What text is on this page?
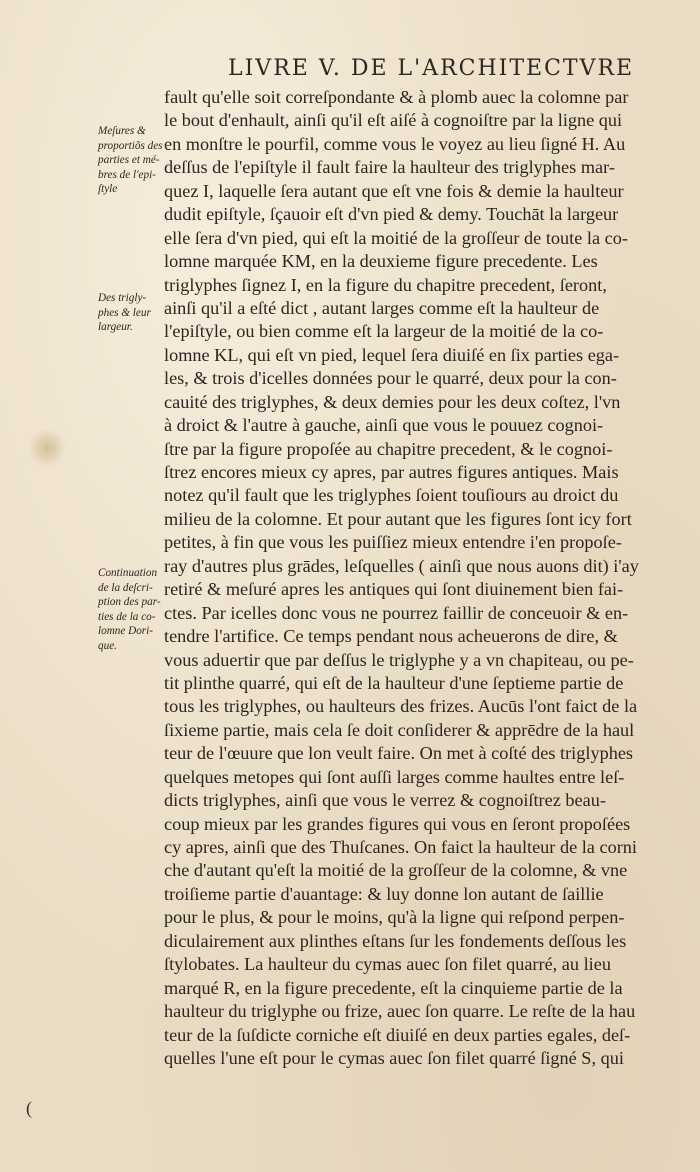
LIVRE V. DE L'ARCHITECTVRE
Meſures &
proportiõs des
parties et mé-
bres de l'epi-
ſtyle
Des trigly-
phes & leur
largeur.
Continuation
de la deſcri-
ption des par-
ties de la co-
lomne Dori-
que.
fault qu'elle soit correſpondante & à plomb auec la colomne par
le bout d'enhault, ainſi qu'il eſt aiſé à cognoiſtre par la ligne qui
en monſtre le pourfil, comme vous le voyez au lieu ſigné H. Au
deſſus de l'epiſtyle il fault faire la haulteur des triglyphes mar-
quez I, laquelle ſera autant que eſt vne fois & demie la haulteur
dudit epiſtyle, ſçauoir eſt d'vn pied & demy. Touchāt la largeur
elle ſera d'vn pied, qui eſt la moitié de la groſſeur de toute la co-
lomne marquée KM, en la deuxieme figure precedente. Les
triglyphes ſignez I, en la figure du chapitre precedent, ſeront,
ainſi qu'il a eſté dict , autant larges comme eſt la haulteur de
l'epiſtyle, ou bien comme eſt la largeur de la moitié de la co-
lomne KL, qui eſt vn pied, lequel ſera diuiſé en ſix parties ega-
les, & trois d'icelles données pour le quarré, deux pour la con-
cauité des triglyphes, & deux demies pour les deux coſtez, l'vn
à droict & l'autre à gauche, ainſi que vous le pouuez cognoi-
ſtre par la figure propoſée au chapitre precedent, & le cognoi-
ſtrez encores mieux cy apres, par autres figures antiques. Mais
notez qu'il fault que les triglyphes ſoient touſiours au droict du
milieu de la colomne. Et pour autant que les figures ſont icy fort
petites, à fin que vous les puiſſiez mieux entendre i'en propoſe-
ray d'autres plus grādes, leſquelles ( ainſi que nous auons dit) i'ay
retiré & meſuré apres les antiques qui ſont diuinement bien fai-
ctes. Par icelles donc vous ne pourrez faillir de conceuoir & en-
tendre l'artifice. Ce temps pendant nous acheuerons de dire, &
vous aduertir que par deſſus le triglyphe y a vn chapiteau, ou pe-
tit plinthe quarré, qui eſt de la haulteur d'une ſeptieme partie de
tous les triglyphes, ou haulteurs des frizes. Aucūs l'ont faict de la
ſixieme partie, mais cela ſe doit conſiderer & apprēdre de la haul
teur de l'œuure que lon veult faire. On met à coſté des triglyphes
quelques metopes qui ſont auſſi larges comme haultes entre leſ-
dicts triglyphes, ainſi que vous le verrez & cognoiſtrez beau-
coup mieux par les grandes figures qui vous en ſeront propoſées
cy apres, ainſi que des Thuſcanes. On faict la haulteur de la corni
che d'autant qu'eſt la moitié de la groſſeur de la colomne, & vne
troiſieme partie d'auantage: & luy donne lon autant de ſaillie
pour le plus, & pour le moins, qu'à la ligne qui reſpond perpen-
diculairement aux plinthes eſtans ſur les fondements deſſous les
ſtylobates. La haulteur du cymas auec ſon filet quarré, au lieu
marqué R, en la figure precedente, eſt la cinquieme partie de la
haulteur du triglyphe ou frize, auec ſon quarre. Le reſte de la hau
teur de la ſuſdicte corniche eſt diuiſé en deux parties egales, deſ-
quelles l'une eſt pour le cymas auec ſon filet quarré ſigné S, qui
(
